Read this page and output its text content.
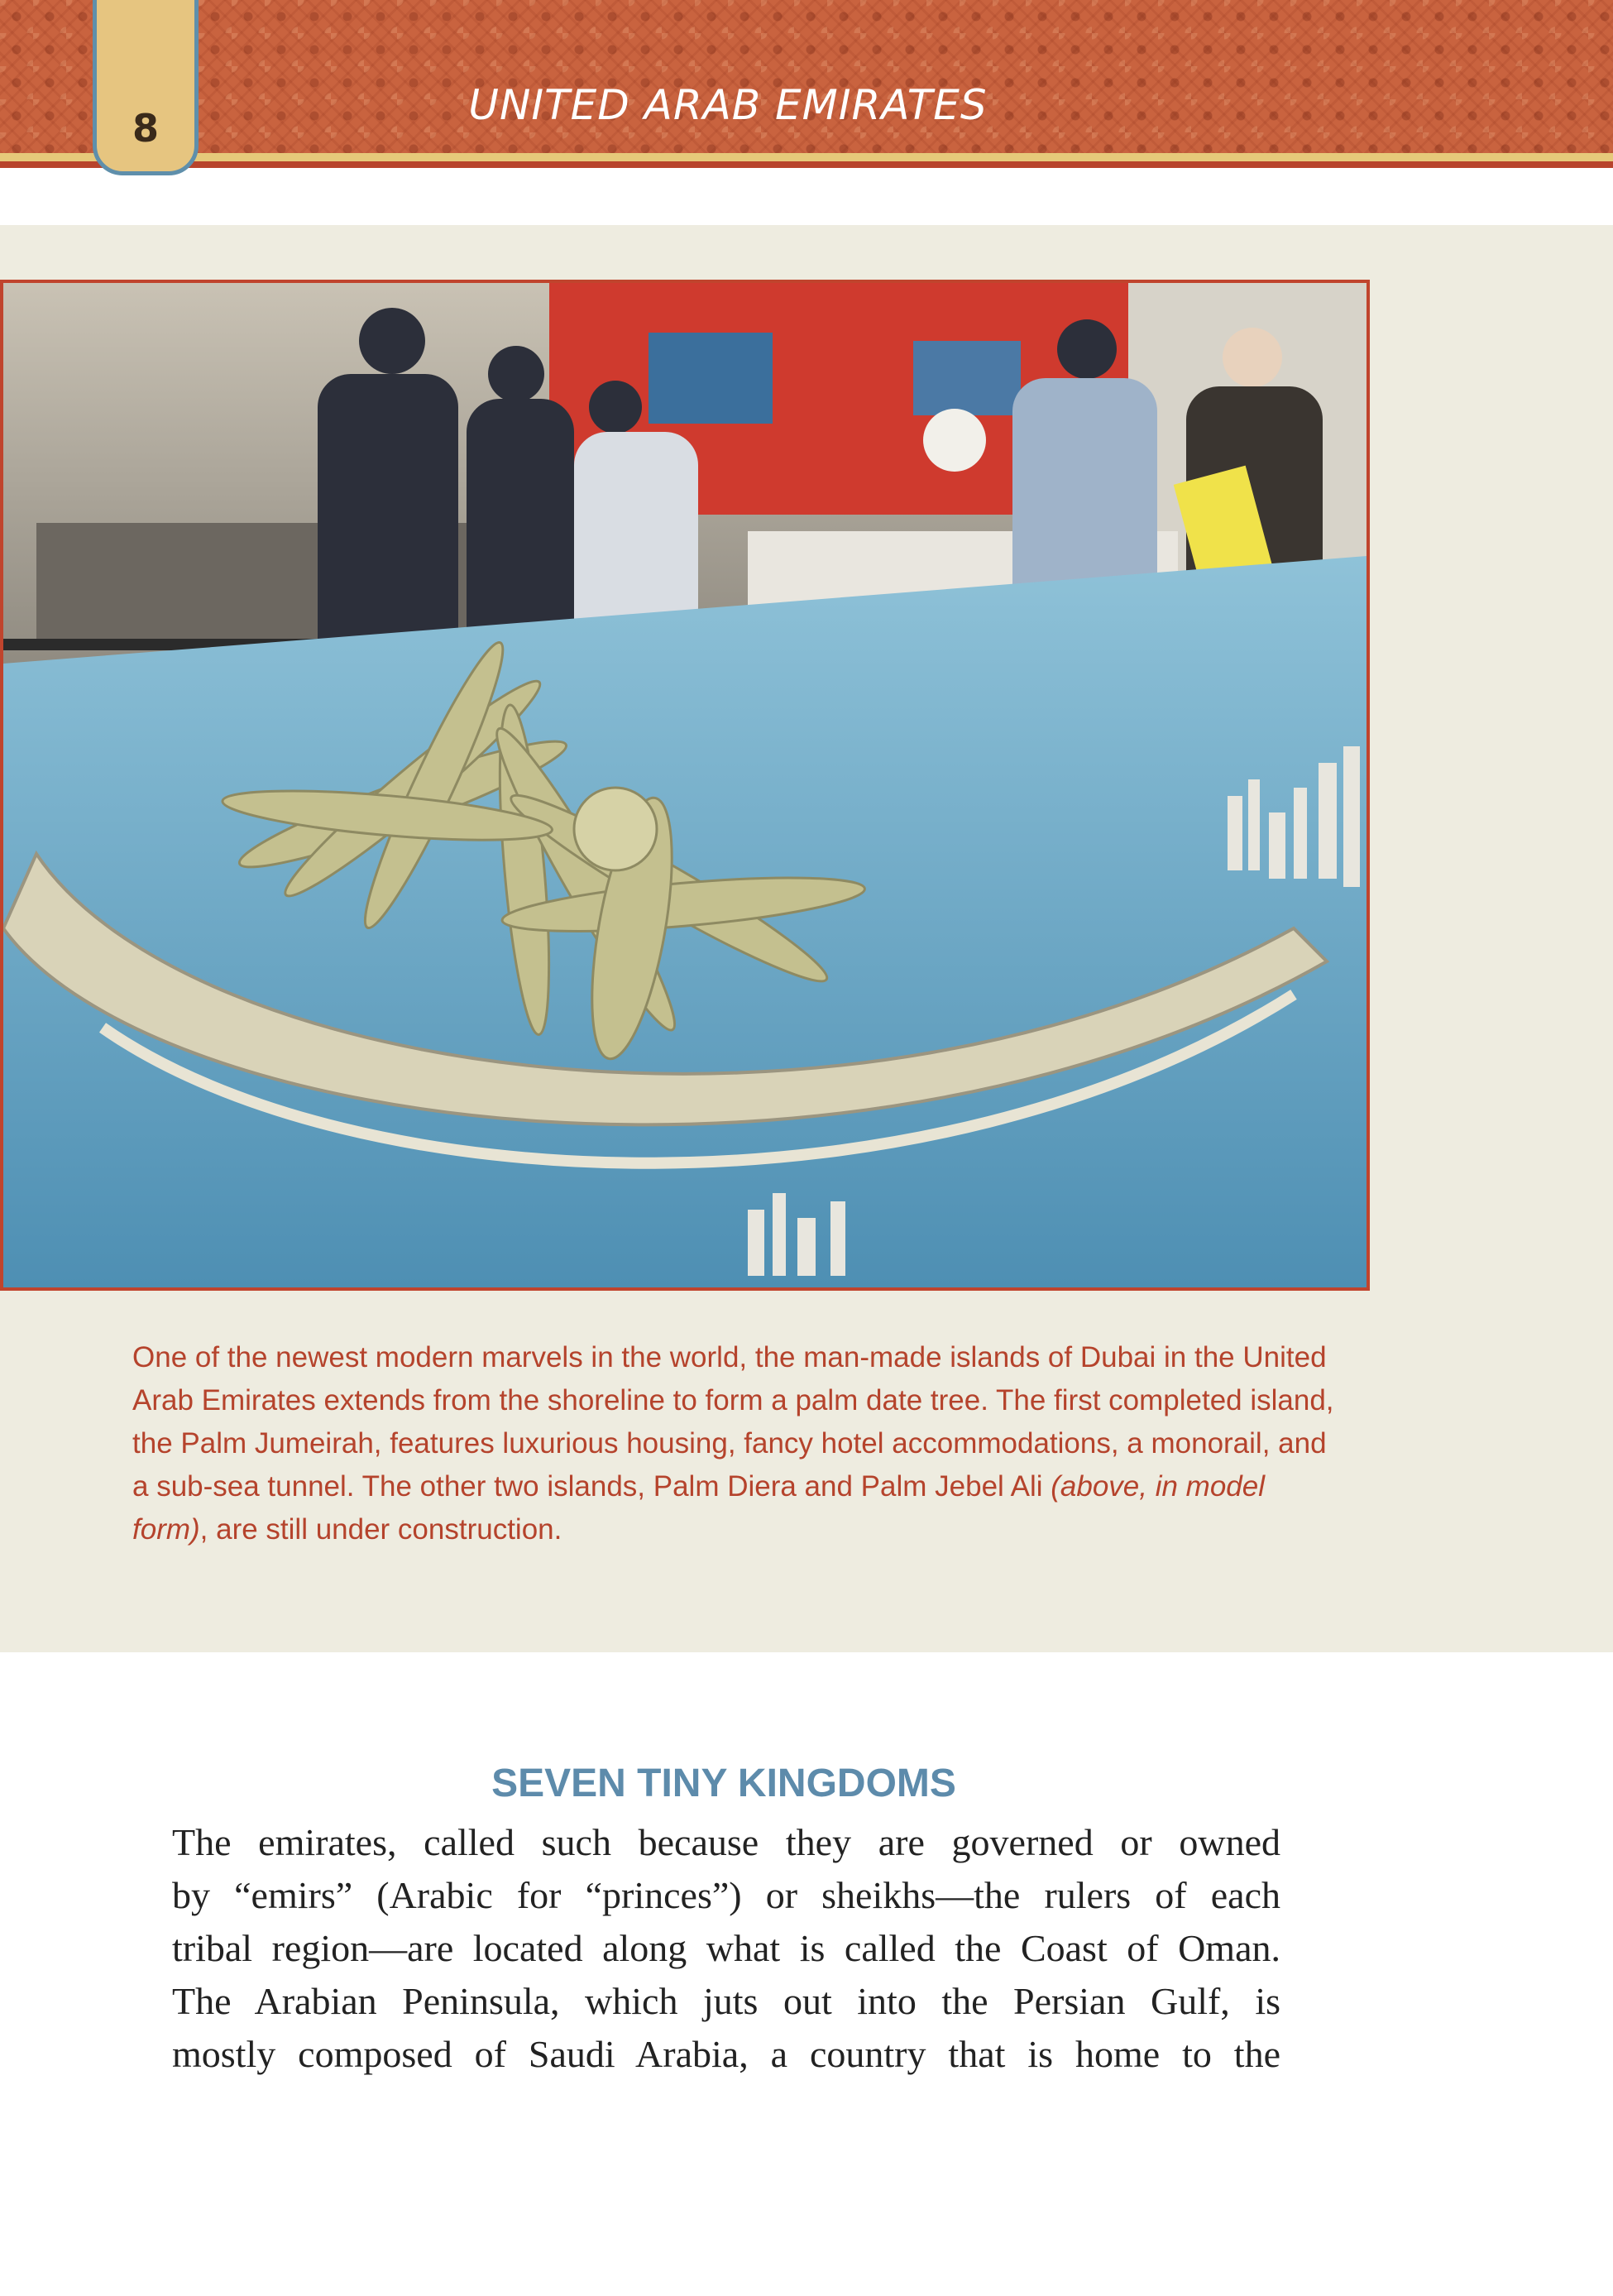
8	UNITED ARAB EMIRATES
One of the newest modern marvels in the world, the man-made islands of Dubai in the United Arab Emirates extends from the shoreline to form a palm date tree. The first completed island, the Palm Jumeirah, features luxurious housing, fancy hotel accommodations, a monorail, and a sub-sea tunnel. The other two islands, Palm Diera and Palm Jebel Ali (above, in model form), are still under construction.
SEVEN TINY KINGDOMS
The emirates, called such because they are governed or owned
by “emirs” (Arabic for “princes”) or sheikhs—the rulers of each
tribal region—are located along what is called the Coast of Oman.
The Arabian Peninsula, which juts out into the Persian Gulf, is
mostly composed of Saudi Arabia, a country that is home to the
